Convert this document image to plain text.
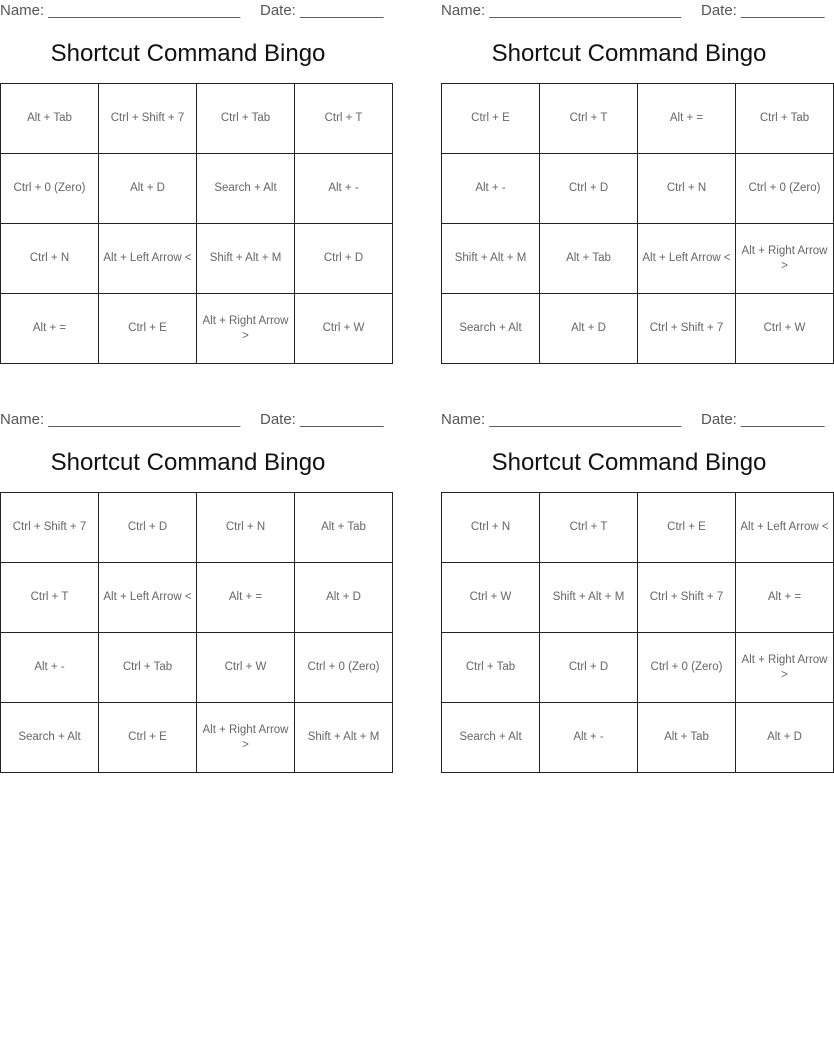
Name: _______________________ Date: __________
Shortcut Command Bingo
Alt + Tab	Ctrl + Shift + 7	Ctrl + Tab	Ctrl + T
Ctrl + 0 (Zero)	Alt + D	Search + Alt	Alt + -
Ctrl + N	Alt + Left Arrow <	Shift + Alt + M	Ctrl + D
Alt + =	Ctrl + E	Alt + Right Arrow >	Ctrl + W
Name: _______________________ Date: __________
Shortcut Command Bingo
Ctrl + E	Ctrl + T	Alt + =	Ctrl + Tab
Alt + -	Ctrl + D	Ctrl + N	Ctrl + 0 (Zero)
Shift + Alt + M	Alt + Tab	Alt + Left Arrow <	Alt + Right Arrow >
Search + Alt	Alt + D	Ctrl + Shift + 7	Ctrl + W
Name: _______________________ Date: __________
Shortcut Command Bingo
Ctrl + Shift + 7	Ctrl + D	Ctrl + N	Alt + Tab
Ctrl + T	Alt + Left Arrow <	Alt + =	Alt + D
Alt + -	Ctrl + Tab	Ctrl + W	Ctrl + 0 (Zero)
Search + Alt	Ctrl + E	Alt + Right Arrow >	Shift + Alt + M
Name: _______________________ Date: __________
Shortcut Command Bingo
Ctrl + N	Ctrl + T	Ctrl + E	Alt + Left Arrow <
Ctrl + W	Shift + Alt + M	Ctrl + Shift + 7	Alt + =
Ctrl + Tab	Ctrl + D	Ctrl + 0 (Zero)	Alt + Right Arrow >
Search + Alt	Alt + -	Alt + Tab	Alt + D
